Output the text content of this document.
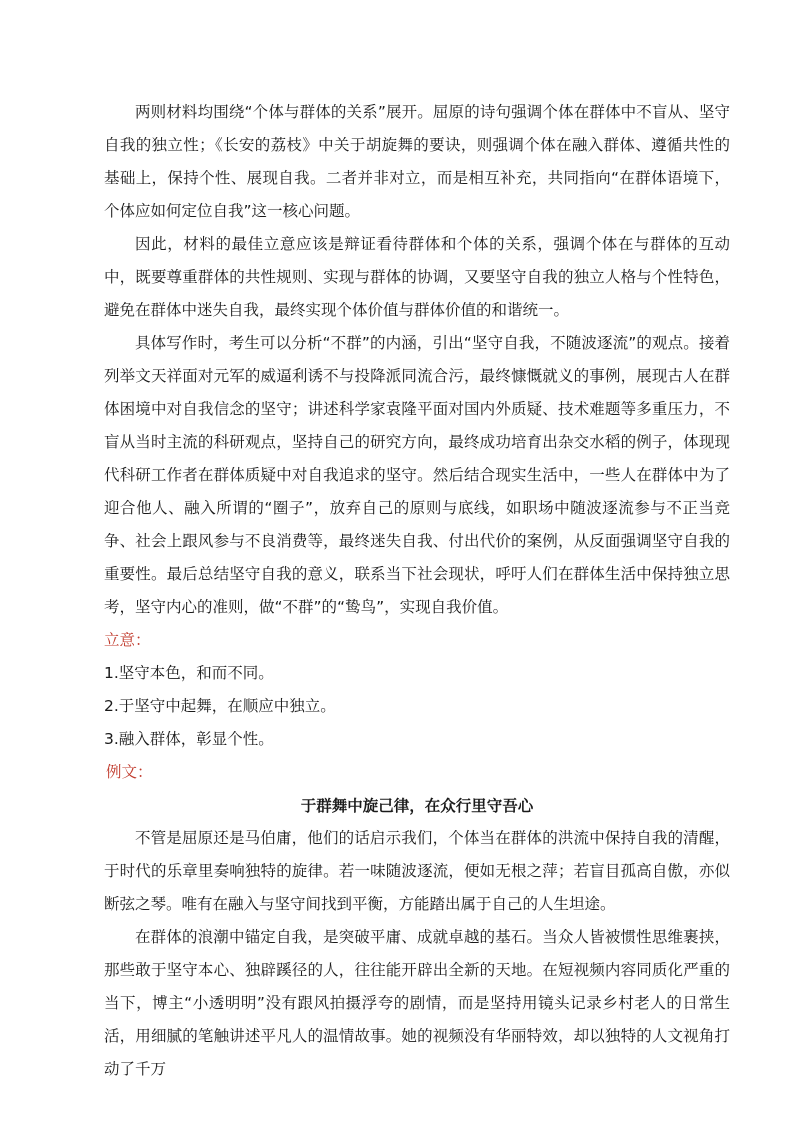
两则材料均围绕“个体与群体的关系”展开。屈原的诗句强调个体在群体中不盲从、坚守自我的独立性；《长安的荔枝》中关于胡旋舞的要诀，则强调个体在融入群体、遵循共性的基础上，保持个性、展现自我。二者并非对立，而是相互补充，共同指向“在群体语境下，个体应如何定位自我”这一核心问题。

因此，材料的最佳立意应该是辩证看待群体和个体的关系，强调个体在与群体的互动中，既要尊重群体的共性规则、实现与群体的协调，又要坚守自我的独立人格与个性特色，避免在群体中迷失自我，最终实现个体价值与群体价值的和谐统一。

具体写作时，考生可以分析“不群”的内涵，引出“坚守自我，不随波逐流”的观点。接着列举文天祥面对元军的威逼利诱不与投降派同流合污，最终慷慨就义的事例，展现古人在群体困境中对自我信念的坚守；讲述科学家袁隆平面对国内外质疑、技术难题等多重压力，不盲从当时主流的科研观点，坚持自己的研究方向，最终成功培育出杂交水稻的例子，体现现代科研工作者在群体质疑中对自我追求的坚守。然后结合现实生活中，一些人在群体中为了迎合他人、融入所谓的“圈子”，放弃自己的原则与底线，如职场中随波逐流参与不正当竞争、社会上跟风参与不良消费等，最终迷失自我、付出代价的案例，从反面强调坚守自我的重要性。最后总结坚守自我的意义，联系当下社会现状，呼吁人们在群体生活中保持独立思考，坚守内心的准则，做“不群”的“鸷鸟”，实现自我价值。

立意：

1.坚守本色，和而不同。

2.于坚守中起舞，在顺应中独立。

3.融入群体，彰显个性。

例文：

于群舞中旋己律，在众行里守吾心

不管是屈原还是马伯庸，他们的话启示我们，个体当在群体的洪流中保持自我的清醒，于时代的乐章里奏响独特的旋律。若一味随波逐流，便如无根之萍；若盲目孤高自傲，亦似断弦之琴。唯有在融入与坚守间找到平衡，方能踏出属于自己的人生坦途。

在群体的浪潮中锚定自我，是突破平庸、成就卓越的基石。当众人皆被惯性思维裹挟，那些敢于坚守本心、独辟蹊径的人，往往能开辟出全新的天地。在短视频内容同质化严重的当下，博主“小透明明”没有跟风拍摄浮夸的剧情，而是坚持用镜头记录乡村老人的日常生活，用细腻的笔触讲述平凡人的温情故事。她的视频没有华丽特效，却以独特的人文视角打动了千万
